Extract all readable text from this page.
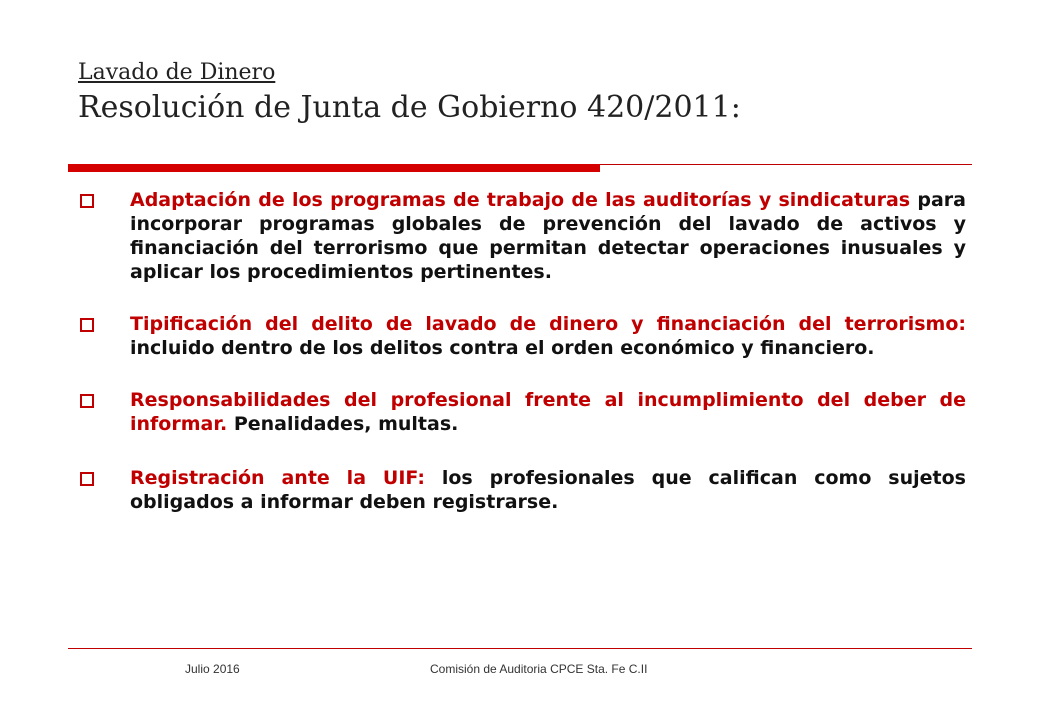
Lavado de Dinero
Resolución de Junta de Gobierno 420/2011:
Adaptación de los programas de trabajo de las auditorías y sindicaturas para incorporar programas globales de prevención del lavado de activos y financiación del terrorismo que permitan detectar operaciones inusuales y aplicar los procedimientos pertinentes.
Tipificación del delito de lavado de dinero y financiación del terrorismo: incluido dentro de los delitos contra el orden económico y financiero.
Responsabilidades del profesional frente al incumplimiento del deber de informar. Penalidades, multas.
Registración ante la UIF: los profesionales que califican como sujetos obligados a informar deben registrarse.
Julio 2016	Comisión de Auditoria CPCE Sta. Fe C.II
